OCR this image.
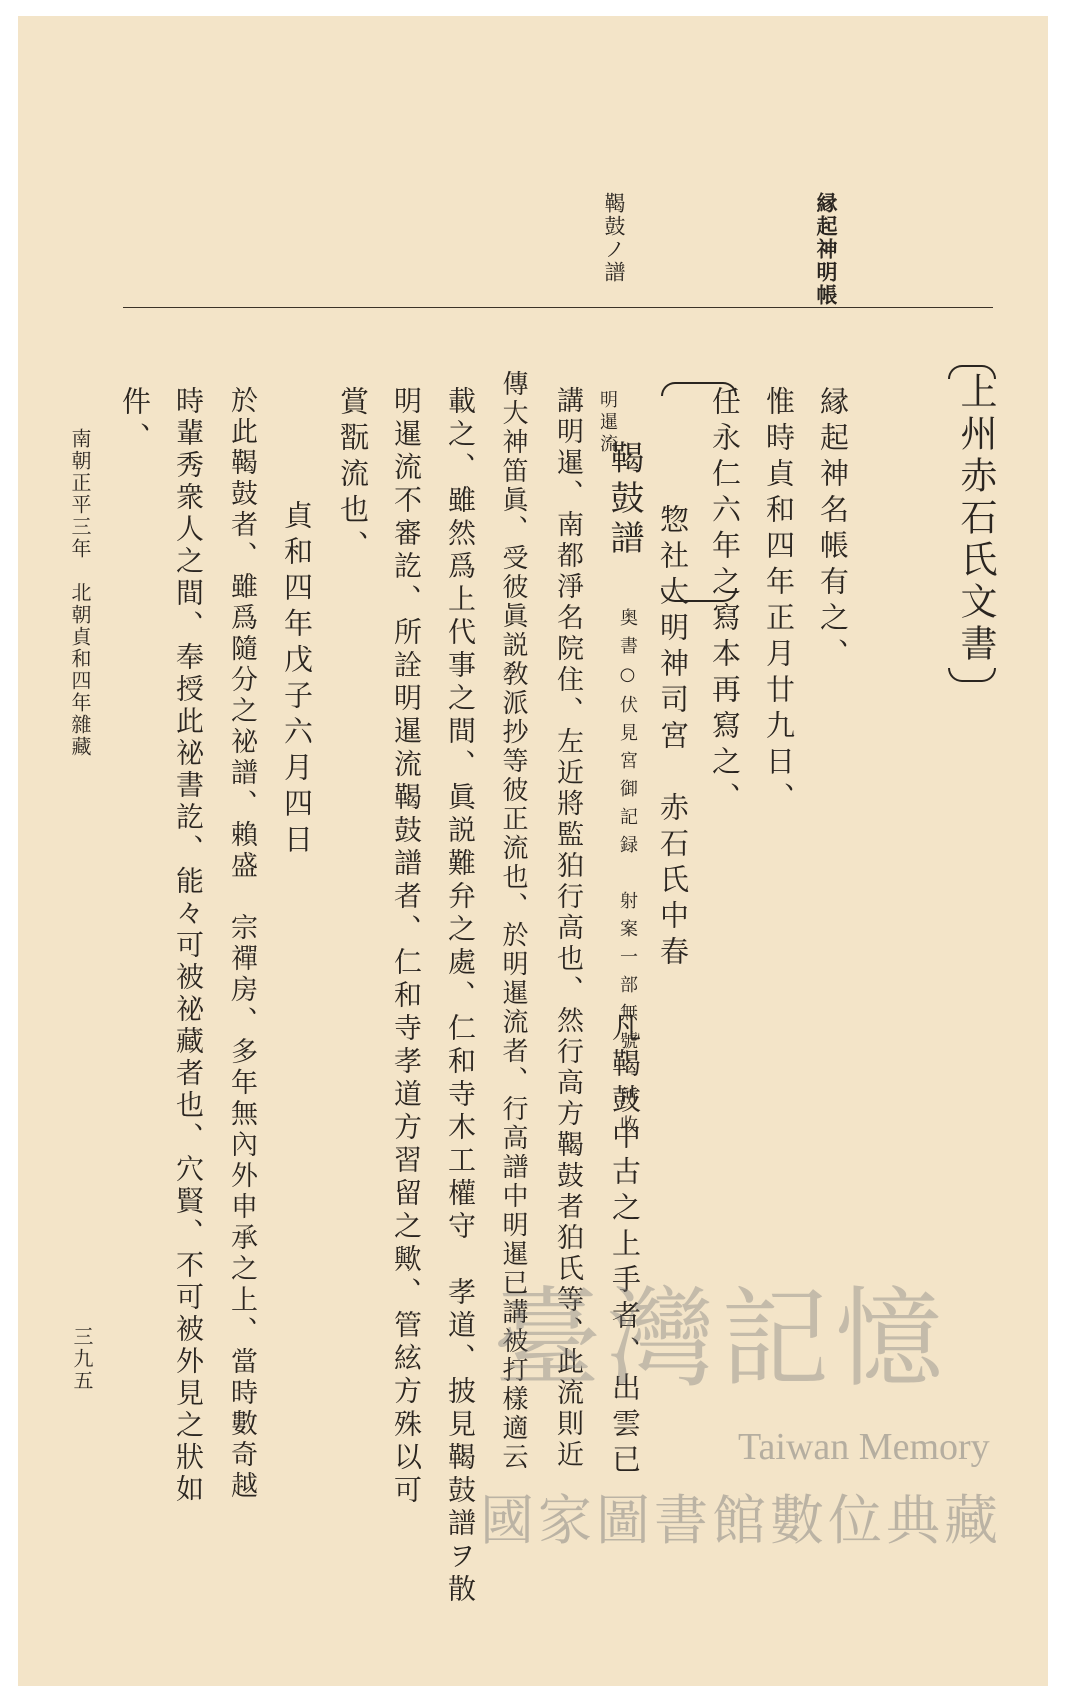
縁起神明帳
鞨鼓ノ譜
上州赤石氏文書
縁起神名帳有之、
惟時貞和四年正月廿九日、
任永仁六年之寫本再寫之、
惣社大明神司宮　赤石氏中春
明暹流
鞨鼓譜
奥書○伏見宮御記録　射案一部無號　所收
凡鞨鼓中古之上手者、出雲已
講明暹、南都淨名院住、左近將監狛行高也、然行高方鞨鼓者狛氏等、此流則近
傳大神笛眞、受彼眞説敎派抄等彼正流也、於明暹流者、行高譜中明暹已講被打樣適云
載之、雖然爲上代事之間、眞説難弁之處、仁和寺木工權守　孝道、披見鞨鼓譜ヲ散
明暹流不審訖、所詮明暹流鞨鼓譜者、仁和寺孝道方習留之歟、管絃方殊以可
賞翫流也、
貞和四年戊子六月四日
於此鞨鼓者、雖爲隨分之祕譜、賴盛　宗禪房、多年無內外申承之上、當時數奇越
時輩秀衆人之間、奉授此祕書訖、能々可被祕藏者也、穴賢、不可被外見之狀如
件、
南朝正平三年　北朝貞和四年雜藏
三九五	臺灣記憶
Taiwan Memory
國家圖書館數位典藏
